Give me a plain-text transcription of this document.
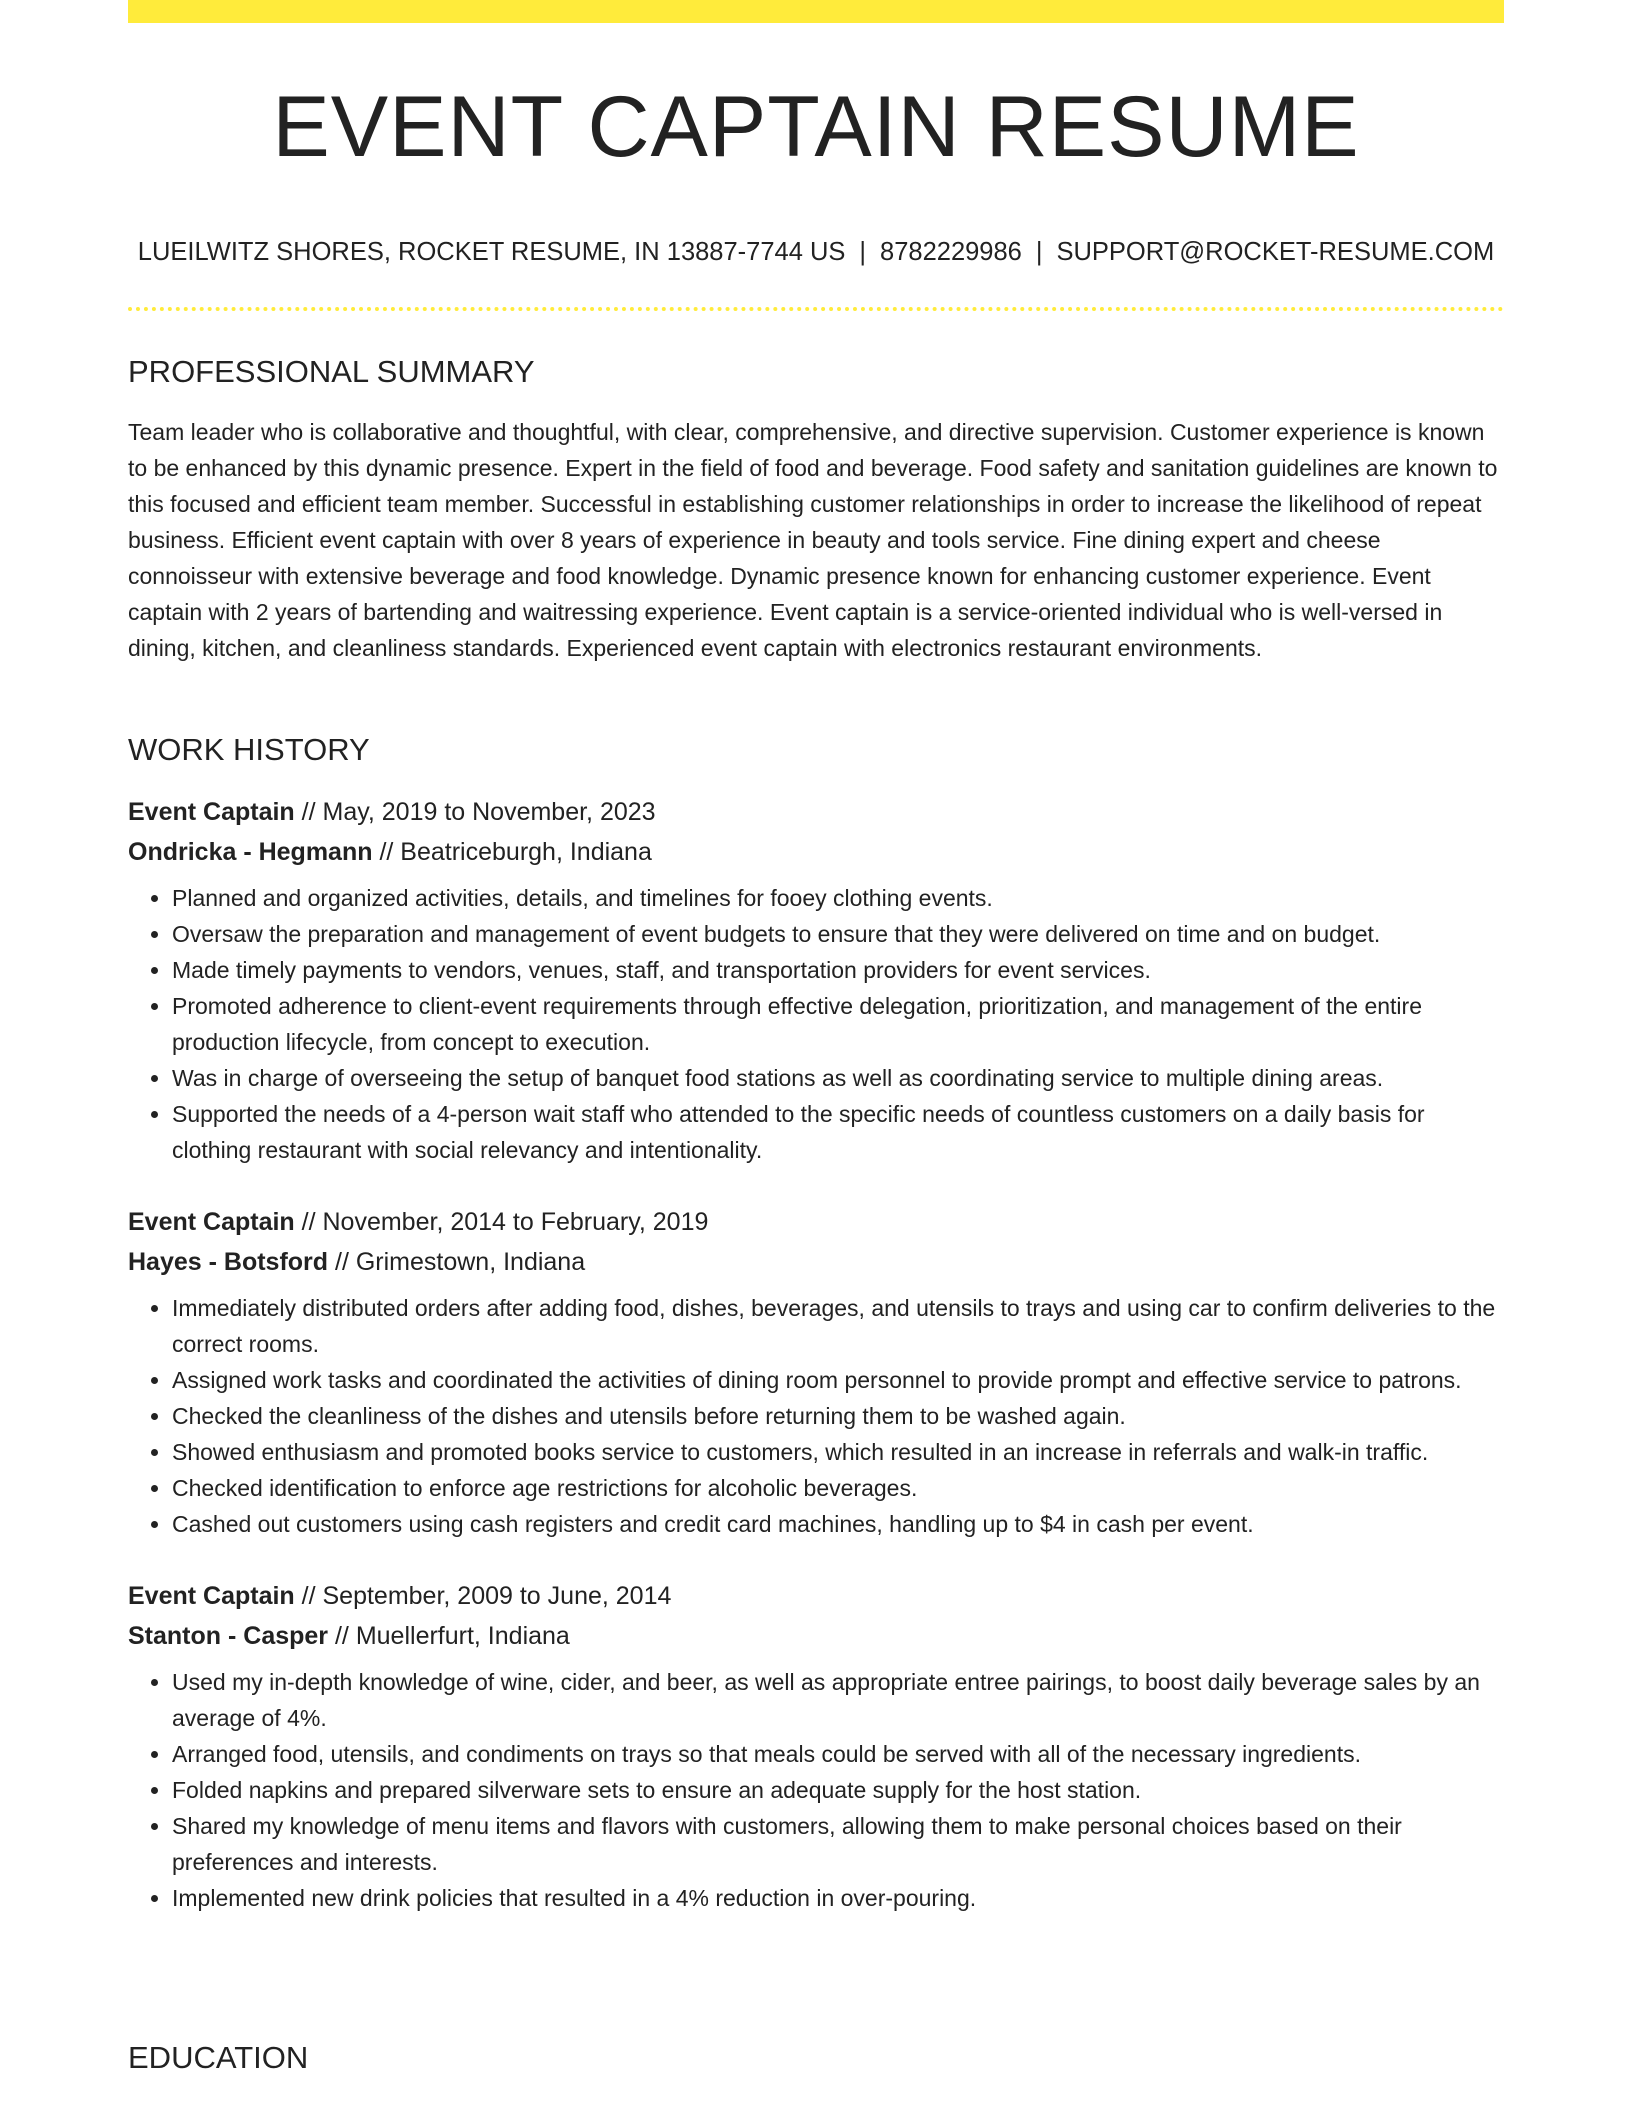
EVENT CAPTAIN RESUME
LUEILWITZ SHORES, ROCKET RESUME, IN 13887-7744 US | 8782229986 | SUPPORT@ROCKET-RESUME.COM
PROFESSIONAL SUMMARY

Team leader who is collaborative and thoughtful, with clear, comprehensive, and directive supervision. Customer experience is known to be enhanced by this dynamic presence. Expert in the field of food and beverage. Food safety and sanitation guidelines are known to this focused and efficient team member. Successful in establishing customer relationships in order to increase the likelihood of repeat business. Efficient event captain with over 8 years of experience in beauty and tools service. Fine dining expert and cheese connoisseur with extensive beverage and food knowledge. Dynamic presence known for enhancing customer experience. Event captain with 2 years of bartending and waitressing experience. Event captain is a service-oriented individual who is well-versed in dining, kitchen, and cleanliness standards. Experienced event captain with electronics restaurant environments.

WORK HISTORY
Event Captain // May, 2019 to November, 2023
Ondricka - Hegmann // Beatriceburgh, Indiana
• Planned and organized activities, details, and timelines for fooey clothing events.
• Oversaw the preparation and management of event budgets to ensure that they were delivered on time and on budget.
• Made timely payments to vendors, venues, staff, and transportation providers for event services.
• Promoted adherence to client-event requirements through effective delegation, prioritization, and management of the entire production lifecycle, from concept to execution.
• Was in charge of overseeing the setup of banquet food stations as well as coordinating service to multiple dining areas.
• Supported the needs of a 4-person wait staff who attended to the specific needs of countless customers on a daily basis for clothing restaurant with social relevancy and intentionality.
Event Captain // November, 2014 to February, 2019
Hayes - Botsford // Grimestown, Indiana
• Immediately distributed orders after adding food, dishes, beverages, and utensils to trays and using car to confirm deliveries to the correct rooms.
• Assigned work tasks and coordinated the activities of dining room personnel to provide prompt and effective service to patrons.
• Checked the cleanliness of the dishes and utensils before returning them to be washed again.
• Showed enthusiasm and promoted books service to customers, which resulted in an increase in referrals and walk-in traffic.
• Checked identification to enforce age restrictions for alcoholic beverages.
• Cashed out customers using cash registers and credit card machines, handling up to $4 in cash per event.
Event Captain // September, 2009 to June, 2014
Stanton - Casper // Muellerfurt, Indiana
• Used my in-depth knowledge of wine, cider, and beer, as well as appropriate entree pairings, to boost daily beverage sales by an average of 4%.
• Arranged food, utensils, and condiments on trays so that meals could be served with all of the necessary ingredients.
• Folded napkins and prepared silverware sets to ensure an adequate supply for the host station.
• Shared my knowledge of menu items and flavors with customers, allowing them to make personal choices based on their preferences and interests.
• Implemented new drink policies that resulted in a 4% reduction in over-pouring.
EDUCATION
